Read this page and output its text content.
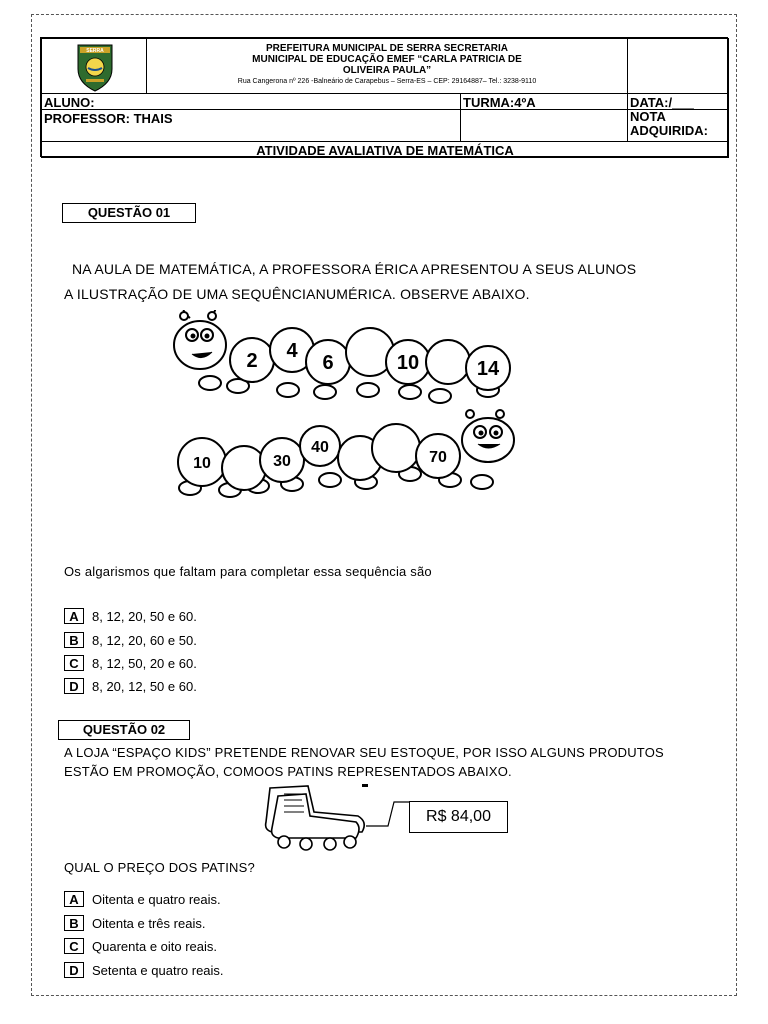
SERRA	PREFEITURA MUNICIPAL DE SERRA SECRETARIA
MUNICIPAL DE EDUCAÇÃO EMEF “CARLA PATRICIA DE
OLIVEIRA PAULA”
Rua Cangerona nº 226 -Balneário de Carapebus – Serra-ES – CEP: 29164887– Tel.: 3238-9110
ALUNO:	TURMA:4ºA	DATA:/___
PROFESSOR: THAIS	NOTA
ADQUIRIDA:
ATIVIDADE AVALIATIVA DE MATEMÁTICA
QUESTÃO 01
NA AULA DE MATEMÁTICA, A PROFESSORA ÉRICA APRESENTOU A SEUS ALUNOS
A ILUSTRAÇÃO DE UMA SEQUÊNCIANUMÉRICA. OBSERVE ABAIXO.
2 4
6	10	14
10	30
40
70
Os algarismos que faltam para completar essa sequência são
A	8, 12, 20, 50 e 60.
B	8, 12, 20, 60 e 50.
C	8, 12, 50, 20 e 60.
D	8, 20, 12, 50 e 60.
QUESTÃO 02
A LOJA “ESPAÇO KIDS” PRETENDE RENOVAR SEU ESTOQUE, POR ISSO ALGUNS PRODUTOS
ESTÃO EM PROMOÇÃO, COMOOS PATINS REPRESENTADOS ABAIXO.
R$ 84,00
QUAL O PREÇO DOS PATINS?
A	Oitenta e quatro reais.
B	Oitenta e três reais.
C	Quarenta e oito reais.
D	Setenta e quatro reais.
